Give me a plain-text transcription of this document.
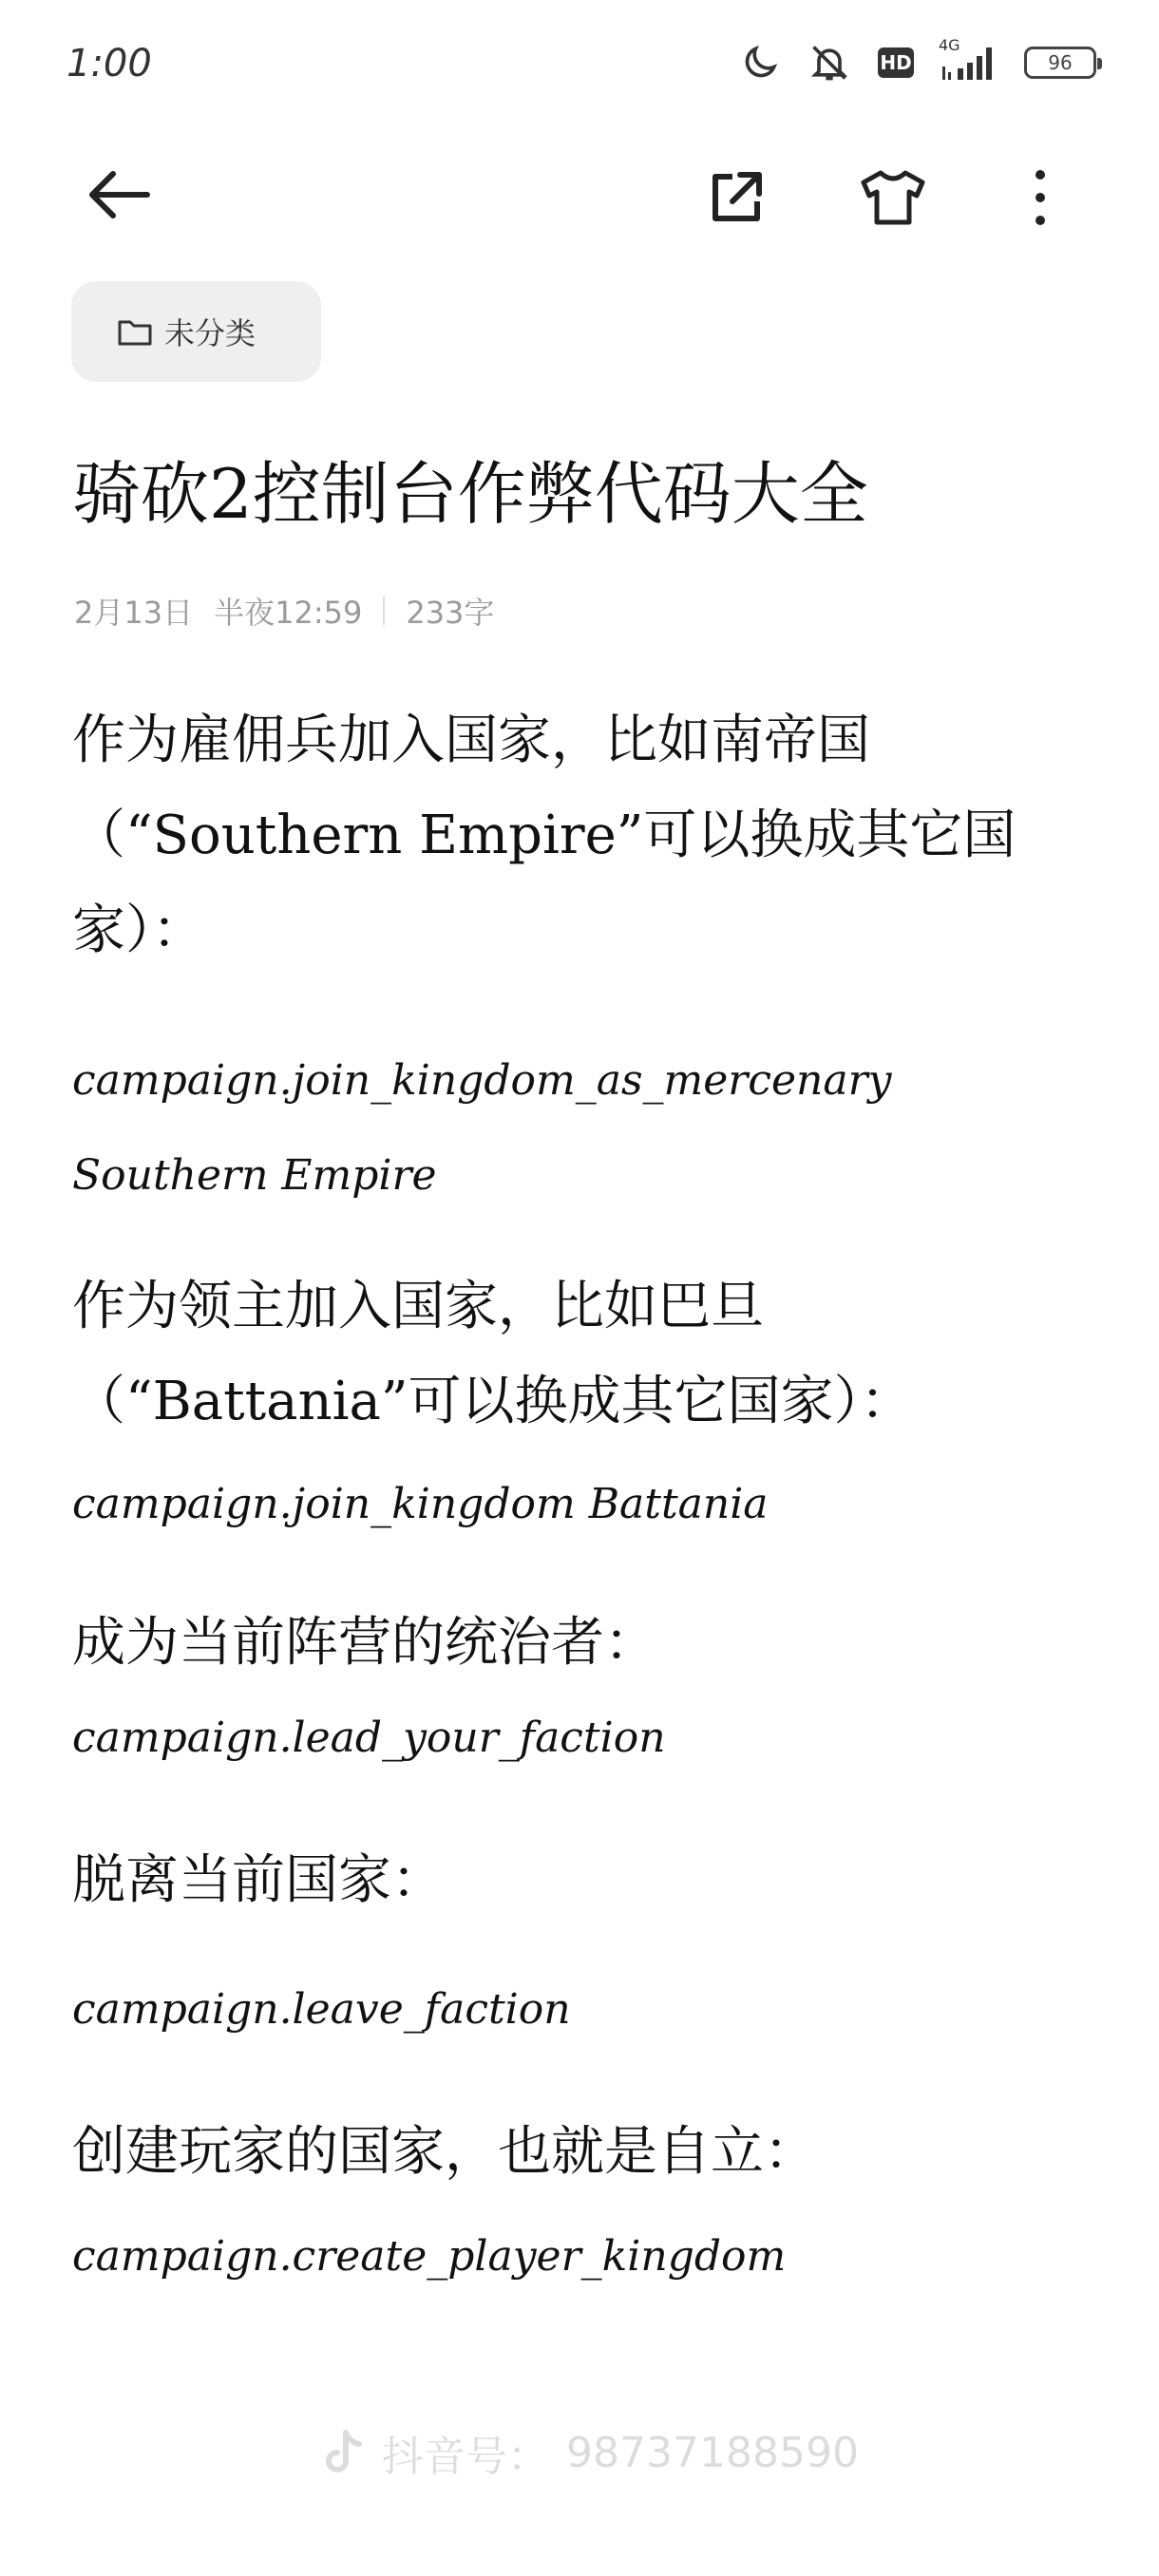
1:00	HD
4G
96
未分类
骑砍2控制台作弊代码大全
2月13日 半夜12:59 233字
作为雇佣兵加入国家，比如南帝国（“Southern Empire”可以换成其它国家）：
campaign.join_kingdom_as_mercenary Southern Empire
作为领主加入国家，比如巴旦（“Battania”可以换成其它国家）：
campaign.join_kingdom Battania
成为当前阵营的统治者：
campaign.lead_your_faction
脱离当前国家：
campaign.leave_faction
创建玩家的国家，也就是自立：
campaign.create_player_kingdom
抖音号： 98737188590
